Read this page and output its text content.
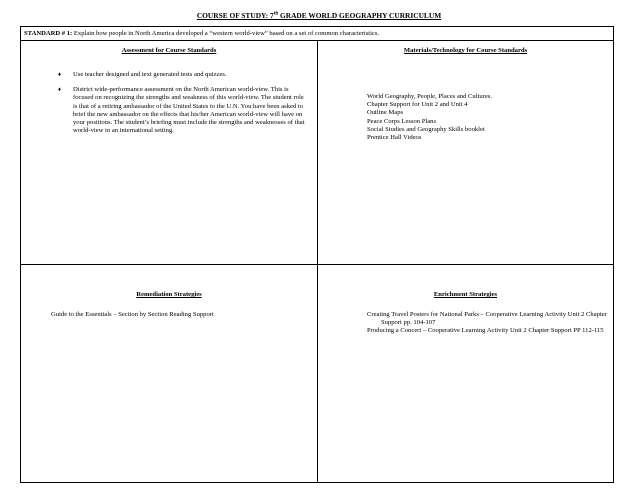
COURSE OF STUDY: 7th GRADE WORLD GEOGRAPHY CURRICULUM
STANDARD # 1: Explain how people in North America developed a “western world-view” based on a set of common characteristics.
Assessment for Course Standards
♦ Use teacher designed and text generated tests and quizzes.
♦ District wide-performance assessment on the North American world-view. This is focused on recognizing the strengths and weakness of this world-view. The student role is that of a retiring ambassador of the United States to the U.N. You have been asked to brief the new ambassador on the effects that his/her American world-view will have on your positions. The student’s briefing must include the strengths and weaknesses of that world-view in an international setting.
Materials/Technology for Course Standards
World Geography, People, Places and Cultures.
Chapter Support for Unit 2 and Unit 4
Outline Maps
Peace Corps Lesson Plans
Social Studies and Geography Skills booklet
Prentice Hall Videos
Remediation Strategies
Guide to the Essentials – Section by Section Reading Support
Enrichment Strategies
Creating Travel Posters for National Parks – Cooperative Learning Activity Unit 2 Chapter Support pp. 104-107
Producing a Concert – Cooperative Learning Activity Unit 2 Chapter Support PP 112-115
